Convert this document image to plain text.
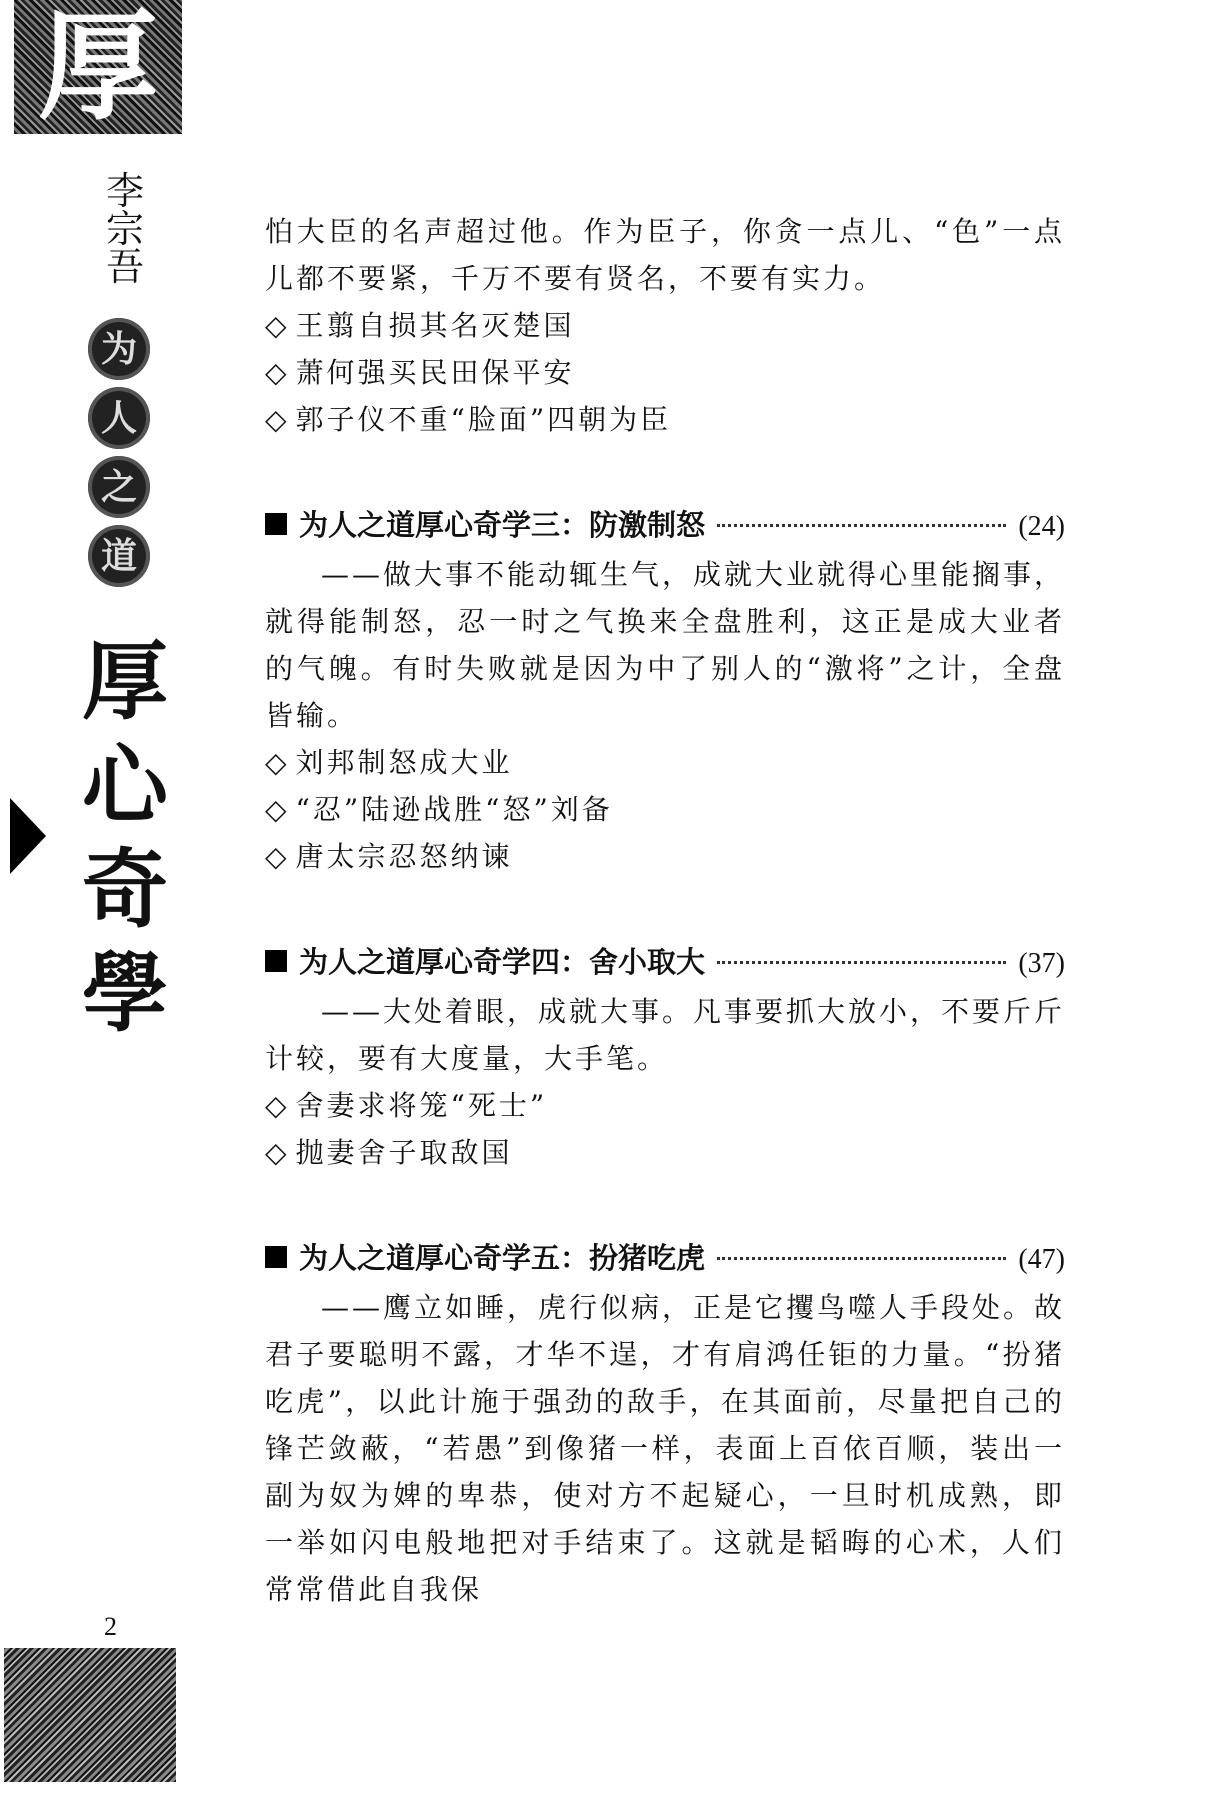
厚
李
宗
吾
为
人
之
道
厚
心
奇
學
2

怕大臣的名声超过他。作为臣子，你贪一点儿、“色”一点儿都不要紧，千万不要有贤名，不要有实力。

◇ 王翦自损其名灭楚国

◇ 萧何强买民田保平安

◇ 郭子仪不重“脸面”四朝为臣

为人之道厚心奇学三：防激制怒	(24)

——做大事不能动辄生气，成就大业就得心里能搁事，就得能制怒，忍一时之气换来全盘胜利，这正是成大业者的气魄。有时失败就是因为中了别人的“激将”之计，全盘皆输。

◇ 刘邦制怒成大业

◇ “忍”陆逊战胜“怒”刘备

◇ 唐太宗忍怒纳谏

为人之道厚心奇学四：舍小取大	(37)

——大处着眼，成就大事。凡事要抓大放小，不要斤斤计较，要有大度量，大手笔。

◇ 舍妻求将笼“死士”

◇ 抛妻舍子取敌国

为人之道厚心奇学五：扮猪吃虎	(47)

——鹰立如睡，虎行似病，正是它攫鸟噬人手段处。故君子要聪明不露，才华不逞，才有肩鸿任钜的力量。“扮猪吃虎”，以此计施于强劲的敌手，在其面前，尽量把自己的锋芒敛蔽，“若愚”到像猪一样，表面上百依百顺，装出一副为奴为婢的卑恭，使对方不起疑心，一旦时机成熟，即一举如闪电般地把对手结束了。这就是韬晦的心术，人们常常借此自我保
